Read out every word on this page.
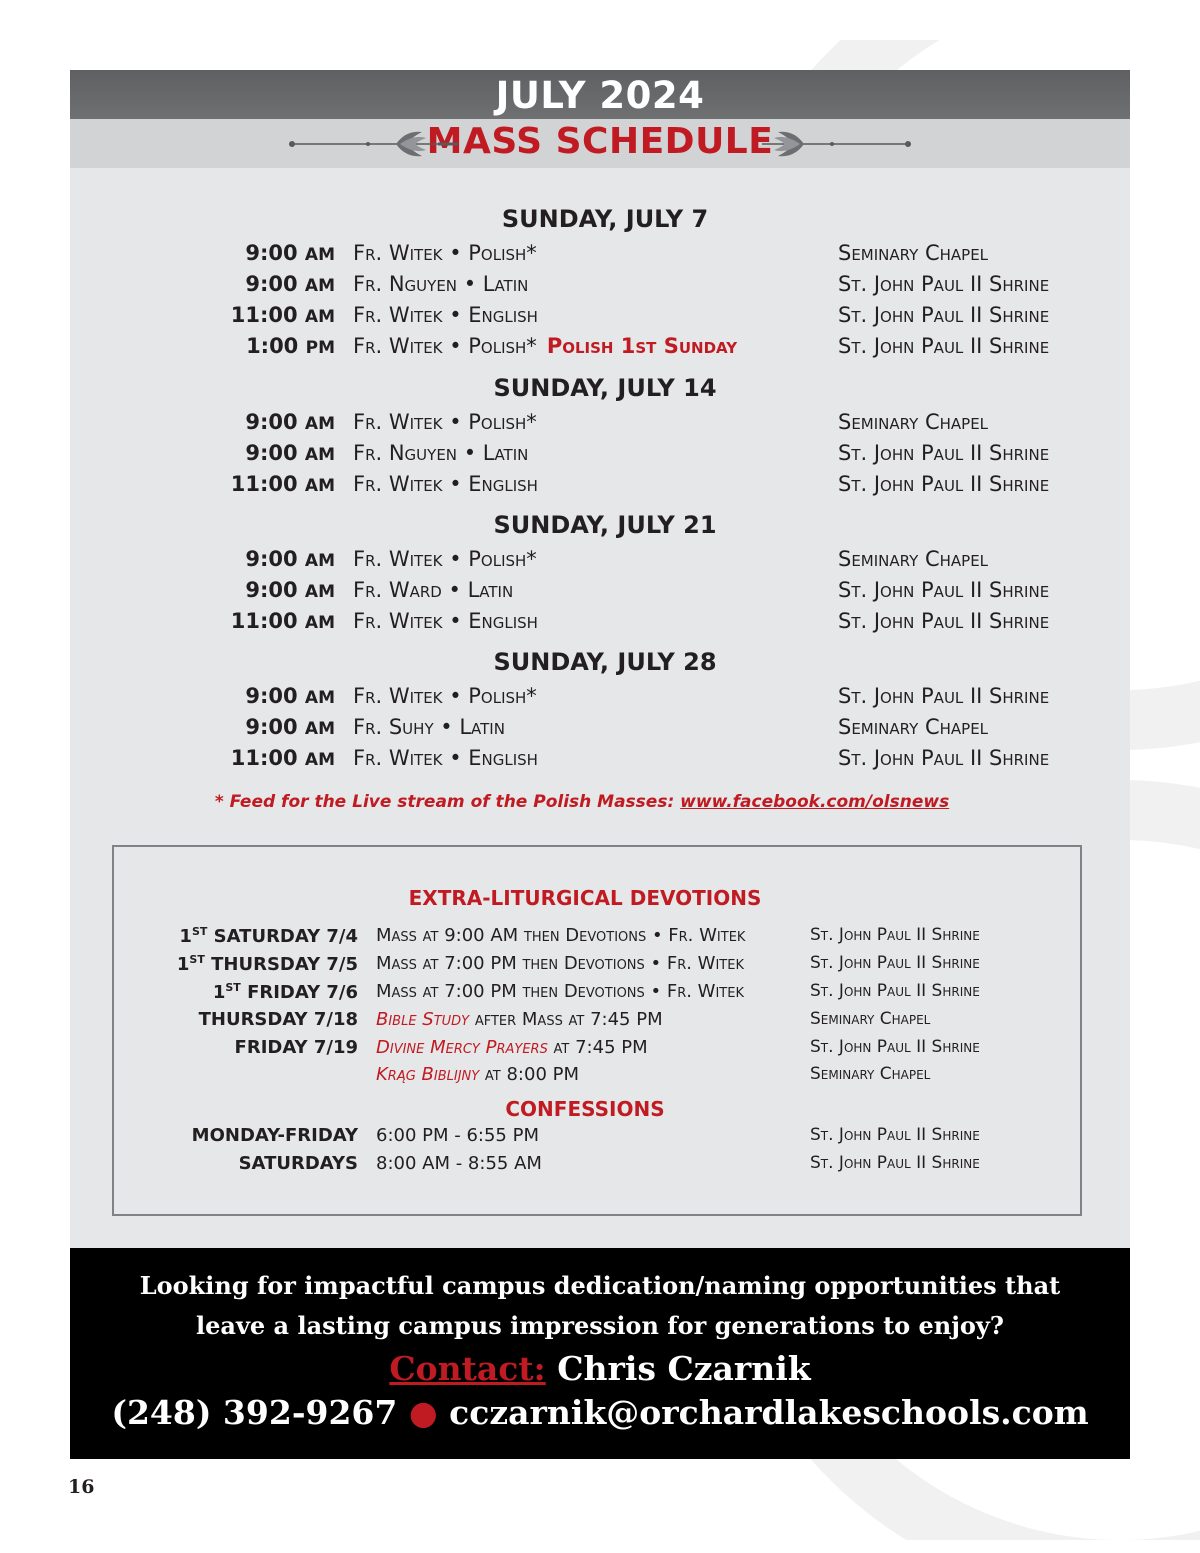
JULY 2024
MASS SCHEDULE
SUNDAY, JULY 7
9:00 AM Fr. Witek • Polish*	Seminary Chapel
9:00 AM Fr. Nguyen • Latin	St. John Paul II Shrine
11:00 AM Fr. Witek • English	St. John Paul II Shrine
1:00 PM Fr. Witek • Polish* Polish 1st Sunday	St. John Paul II Shrine
SUNDAY, JULY 14
9:00 AM Fr. Witek • Polish*	Seminary Chapel
9:00 AM Fr. Nguyen • Latin	St. John Paul II Shrine
11:00 AM Fr. Witek • English	St. John Paul II Shrine
SUNDAY, JULY 21
9:00 AM Fr. Witek • Polish*	Seminary Chapel
9:00 AM Fr. Ward • Latin	St. John Paul II Shrine
11:00 AM Fr. Witek • English	St. John Paul II Shrine
SUNDAY, JULY 28
9:00 AM Fr. Witek • Polish*	St. John Paul II Shrine
9:00 AM Fr. Suhy • Latin	Seminary Chapel
11:00 AM Fr. Witek • English	St. John Paul II Shrine
* Feed for the Live stream of the Polish Masses: www.facebook.com/olsnews
EXTRA-LITURGICAL DEVOTIONS
1ST SATURDAY 7/4 Mass at 9:00 AM then Devotions • Fr. Witek	St. John Paul II Shrine
1ST THURSDAY 7/5 Mass at 7:00 PM then Devotions • Fr. Witek	St. John Paul II Shrine
1ST FRIDAY 7/6 Mass at 7:00 PM then Devotions • Fr. Witek	St. John Paul II Shrine
THURSDAY 7/18 Bible Study after Mass at 7:45 PM	Seminary Chapel
FRIDAY 7/19 Divine Mercy Prayers at 7:45 PM	St. John Paul II Shrine
Krąg Biblijny at 8:00 PM	Seminary Chapel
CONFESSIONS
MONDAY-FRIDAY 6:00 PM - 6:55 PM	St. John Paul II Shrine
SATURDAYS 8:00 AM - 8:55 AM	St. John Paul II Shrine
Looking for impactful campus dedication/naming opportunities that leave a lasting campus impression for generations to enjoy?
Contact: Chris Czarnik
(248) 392-9267 ● cczarnik@orchardlakeschools.com
16
